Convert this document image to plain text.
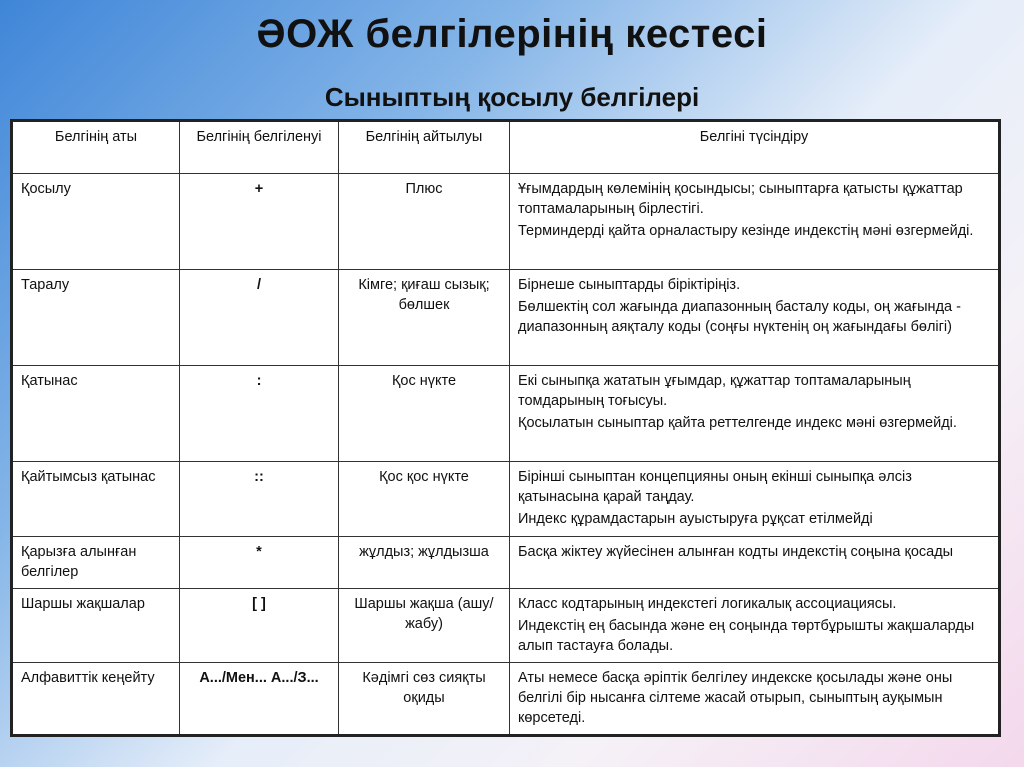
ӘОЖ белгілерінің кестесі
Сыныптың қосылу белгілері
Белгінің аты	Белгінің белгіленуі	Белгінің айтылуы	Белгіні түсіндіру
Қосылу	+	Плюс	Ұғымдардың көлемінің қосындысы; сыныптарға қатысты құжаттар топтамаларының бірлестігі.
Терминдерді қайта орналастыру кезінде индекстің мәні өзгермейді.

Таралу	/	Кімге; қиғаш сызық; бөлшек	Бірнеше сыныптарды біріктіріңіз.
Бөлшектің сол жағында диапазонның басталу коды, оң жағында - диапазонның аяқталу коды (соңғы нүктенің оң жағындағы бөлігі)

Қатынас	:	Қос нүкте	Екі сыныпқа жататын ұғымдар, құжаттар топтамаларының томдарының тоғысуы.
Қосылатын сыныптар қайта реттелгенде индекс мәні өзгермейді.

Қайтымсыз қатынас	::	Қос қос нүкте	Бірінші сыныптан концепцияны оның екінші сыныпқа әлсіз қатынасына қарай таңдау.
Индекс құрамдастарын ауыстыруға рұқсат етілмейді

Қарызға алынған белгілер	*	жұлдыз; жұлдызша	Басқа жіктеу жүйесінен алынған кодты индекстің соңына қосады

Шаршы жақшалар	[ ]	Шаршы жақша (ашу/ жабу)	Класс кодтарының индекстегі логикалық ассоциациясы.
Индекстің ең басында және ең соңында төртбұрышты жақшаларды алып тастауға болады.

Алфавиттік кеңейту	А.../Мен... А.../З...	Кәдімгі сөз сияқты оқиды	Аты немесе басқа әріптік белгілеу индекске қосылады және оны белгілі бір нысанға сілтеме жасай отырып, сыныптың ауқымын көрсетеді.
